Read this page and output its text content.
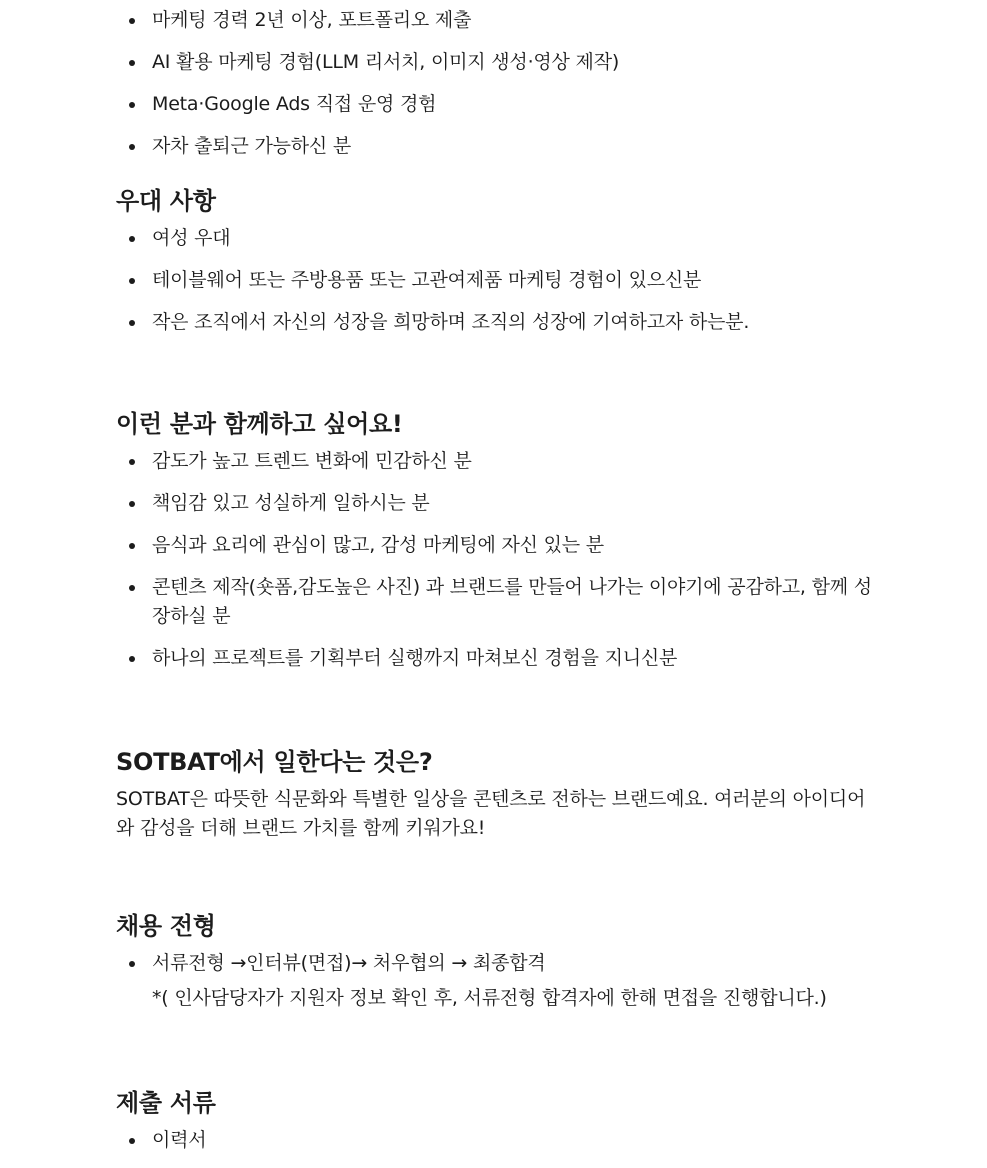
마케팅 경력 2년 이상, 포트폴리오 제출
AI 활용 마케팅 경험(LLM 리서치, 이미지 생성·영상 제작)
Meta·Google Ads 직접 운영 경험
자차 출퇴근 가능하신 분
우대 사항
여성 우대
테이블웨어 또는 주방용품 또는 고관여제품 마케팅 경험이 있으신분
작은 조직에서 자신의 성장을 희망하며 조직의 성장에 기여하고자 하는분.
이런 분과 함께하고 싶어요!
감도가 높고 트렌드 변화에 민감하신 분
책임감 있고 성실하게 일하시는 분
음식과 요리에 관심이 많고, 감성 마케팅에 자신 있는 분
콘텐츠 제작(숏폼,감도높은 사진) 과 브랜드를 만들어 나가는 이야기에 공감하고, 함께 성장하실 분
하나의 프로젝트를 기획부터 실행까지 마쳐보신 경험을 지니신분
SOTBAT에서 일한다는 것은?

SOTBAT은 따뜻한 식문화와 특별한 일상을 콘텐츠로 전하는 브랜드예요. 여러분의 아이디어와 감성을 더해 브랜드 가치를 함께 키워가요!

채용 전형
서류전형 →인터뷰(면접)→ 처우협의 → 최종합격
*( 인사담당자가 지원자 정보 확인 후, 서류전형 합격자에 한해 면접을 진행합니다.)
제출 서류
이력서
